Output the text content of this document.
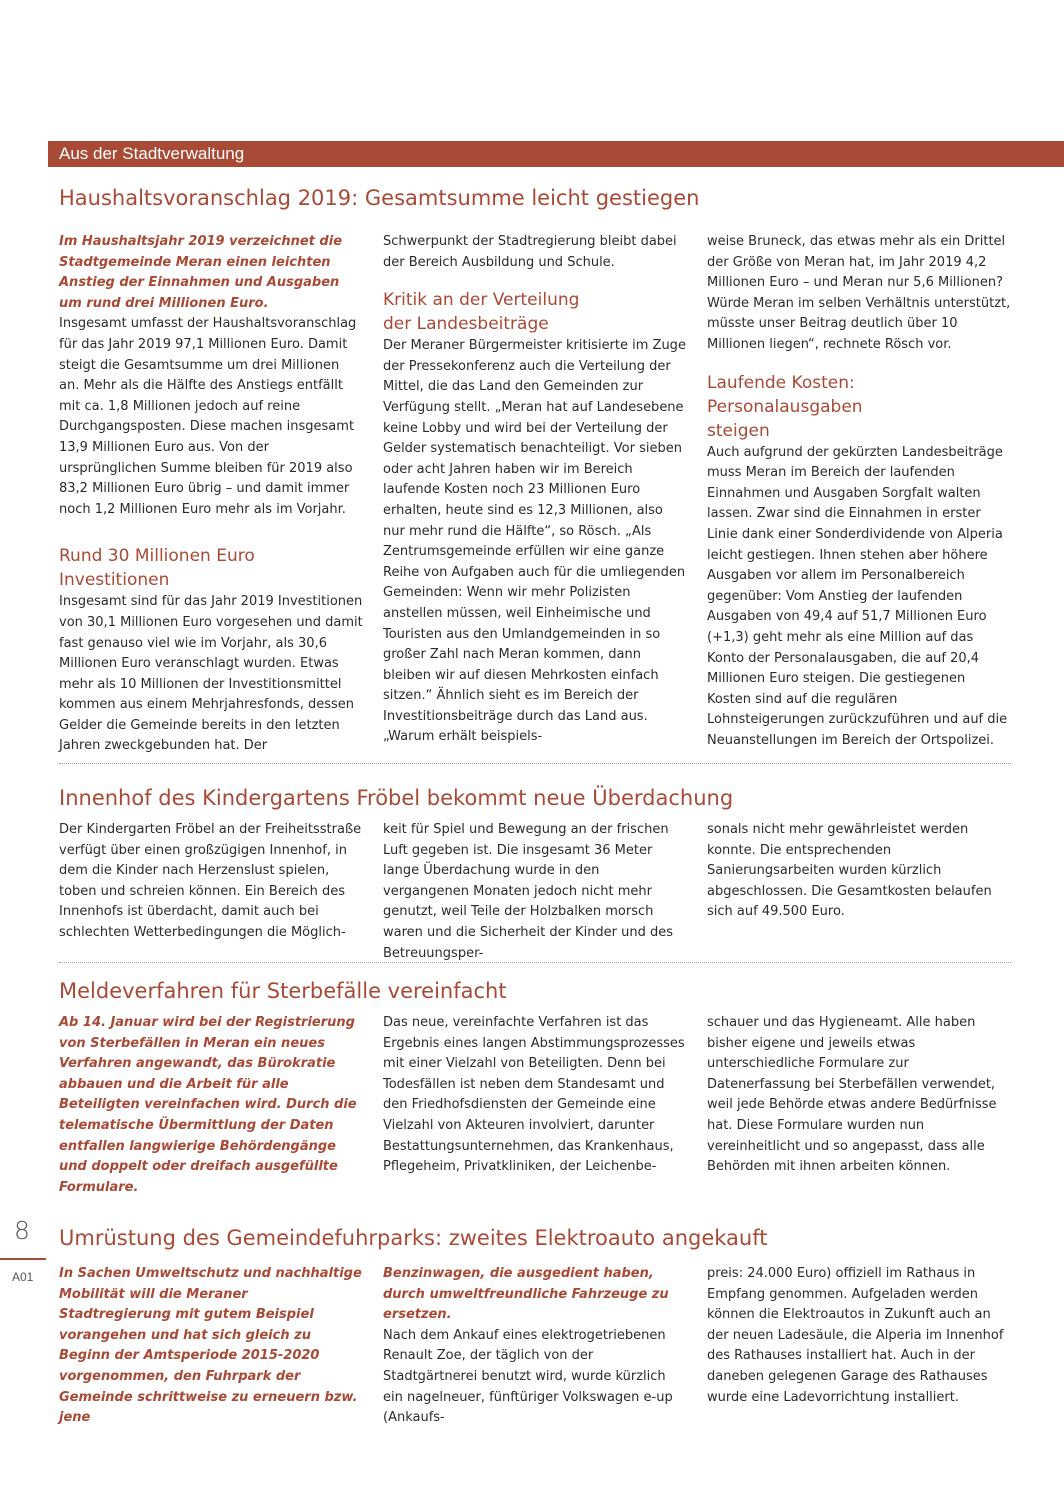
Aus der Stadtverwaltung
Haushaltsvoranschlag 2019: Gesamtsumme leicht gestiegen

Im Haushaltsjahr 2019 verzeichnet die Stadtgemeinde Meran einen leichten Anstieg der Einnahmen und Ausgaben um rund drei Millionen Euro.

Insgesamt umfasst der Haushaltsvoranschlag für das Jahr 2019 97,1 Millionen Euro. Damit steigt die Gesamtsumme um drei Millionen an. Mehr als die Hälfte des Anstiegs entfällt mit ca. 1,8 Millionen jedoch auf reine Durchgangsposten. Diese machen insgesamt 13,9 Millionen Euro aus. Von der ursprünglichen Summe bleiben für 2019 also 83,2 Millionen Euro übrig – und damit immer noch 1,2 Millionen Euro mehr als im Vorjahr.

Rund 30 Millionen Euro Investitionen

Insgesamt sind für das Jahr 2019 Investitionen von 30,1 Millionen Euro vorgesehen und damit fast genauso viel wie im Vorjahr, als 30,6 Millionen Euro veranschlagt wurden. Etwas mehr als 10 Millionen der Investitionsmittel kommen aus einem Mehrjahresfonds, dessen Gelder die Gemeinde bereits in den letzten Jahren zweckgebunden hat. Der

Schwerpunkt der Stadtregierung bleibt dabei der Bereich Ausbildung und Schule.

Kritik an der Verteilung der Landesbeiträge

Der Meraner Bürgermeister kritisierte im Zuge der Pressekonferenz auch die Verteilung der Mittel, die das Land den Gemeinden zur Verfügung stellt. „Meran hat auf Landesebene keine Lobby und wird bei der Verteilung der Gelder systematisch benachteiligt. Vor sieben oder acht Jahren haben wir im Bereich laufende Kosten noch 23 Millionen Euro erhalten, heute sind es 12,3 Millionen, also nur mehr rund die Hälfte“, so Rösch. „Als Zentrumsgemeinde erfüllen wir eine ganze Reihe von Aufgaben auch für die umliegenden Gemeinden: Wenn wir mehr Polizisten anstellen müssen, weil Einheimische und Touristen aus den Umlandgemeinden in so großer Zahl nach Meran kommen, dann bleiben wir auf diesen Mehrkosten einfach sitzen.“ Ähnlich sieht es im Bereich der Investitionsbeiträge durch das Land aus. „Warum erhält beispiels-

weise Bruneck, das etwas mehr als ein Drittel der Größe von Meran hat, im Jahr 2019 4,2 Millionen Euro – und Meran nur 5,6 Millionen? Würde Meran im selben Verhältnis unterstützt, müsste unser Beitrag deutlich über 10 Millionen liegen“, rechnete Rösch vor.

Laufende Kosten: Personalausgaben steigen

Auch aufgrund der gekürzten Landesbeiträge muss Meran im Bereich der laufenden Einnahmen und Ausgaben Sorgfalt walten lassen. Zwar sind die Einnahmen in erster Linie dank einer Sonderdividende von Alperia leicht gestiegen. Ihnen stehen aber höhere Ausgaben vor allem im Personalbereich gegenüber: Vom Anstieg der laufenden Ausgaben von 49,4 auf 51,7 Millionen Euro (+1,3) geht mehr als eine Million auf das Konto der Personalausgaben, die auf 20,4 Millionen Euro steigen. Die gestiegenen Kosten sind auf die regulären Lohnsteigerungen zurückzuführen und auf die Neuanstellungen im Bereich der Ortspolizei.

Innenhof des Kindergartens Fröbel bekommt neue Überdachung

Der Kindergarten Fröbel an der Freiheitsstraße verfügt über einen großzügigen Innenhof, in dem die Kinder nach Herzenslust spielen, toben und schreien können. Ein Bereich des Innenhofs ist überdacht, damit auch bei schlechten Wetterbedingungen die Möglich-

keit für Spiel und Bewegung an der frischen Luft gegeben ist. Die insgesamt 36 Meter lange Überdachung wurde in den vergangenen Monaten jedoch nicht mehr genutzt, weil Teile der Holzbalken morsch waren und die Sicherheit der Kinder und des Betreuungsper-

sonals nicht mehr gewährleistet werden konnte. Die entsprechenden Sanierungsarbeiten wurden kürzlich abgeschlossen. Die Gesamtkosten belaufen sich auf 49.500 Euro.

Meldeverfahren für Sterbefälle vereinfacht

Ab 14. Januar wird bei der Registrierung von Sterbefällen in Meran ein neues Verfahren angewandt, das Bürokratie abbauen und die Arbeit für alle Beteiligten vereinfachen wird. Durch die telematische Übermittlung der Daten entfallen langwierige Behördengänge und doppelt oder dreifach ausgefüllte Formulare.

Das neue, vereinfachte Verfahren ist das Ergebnis eines langen Abstimmungsprozesses mit einer Vielzahl von Beteiligten. Denn bei Todesfällen ist neben dem Standesamt und den Friedhofsdiensten der Gemeinde eine Vielzahl von Akteuren involviert, darunter Bestattungsunternehmen, das Krankenhaus, Pflegeheim, Privatkliniken, der Leichenbe-

schauer und das Hygieneamt. Alle haben bisher eigene und jeweils etwas unterschiedliche Formulare zur Datenerfassung bei Sterbefällen verwendet, weil jede Behörde etwas andere Bedürfnisse hat. Diese Formulare wurden nun vereinheitlicht und so angepasst, dass alle Behörden mit ihnen arbeiten können.

Umrüstung des Gemeindefuhrparks: zweites Elektroauto angekauft

In Sachen Umweltschutz und nachhaltige Mobilität will die Meraner Stadtregierung mit gutem Beispiel vorangehen und hat sich gleich zu Beginn der Amtsperiode 2015-2020 vorgenommen, den Fuhrpark der Gemeinde schrittweise zu erneuern bzw. jene

Benzinwagen, die ausgedient haben, durch umweltfreundliche Fahrzeuge zu ersetzen.

Nach dem Ankauf eines elektrogetriebenen Renault Zoe, der täglich von der Stadtgärtnerei benutzt wird, wurde kürzlich ein nagelneuer, fünftüriger Volkswagen e-up (Ankaufs-

preis: 24.000 Euro) offiziell im Rathaus in Empfang genommen. Aufgeladen werden können die Elektroautos in Zukunft auch an der neuen Ladesäule, die Alperia im Innenhof des Rathauses installiert hat. Auch in der daneben gelegenen Garage des Rathauses wurde eine Ladevorrichtung installiert.

8
A01
